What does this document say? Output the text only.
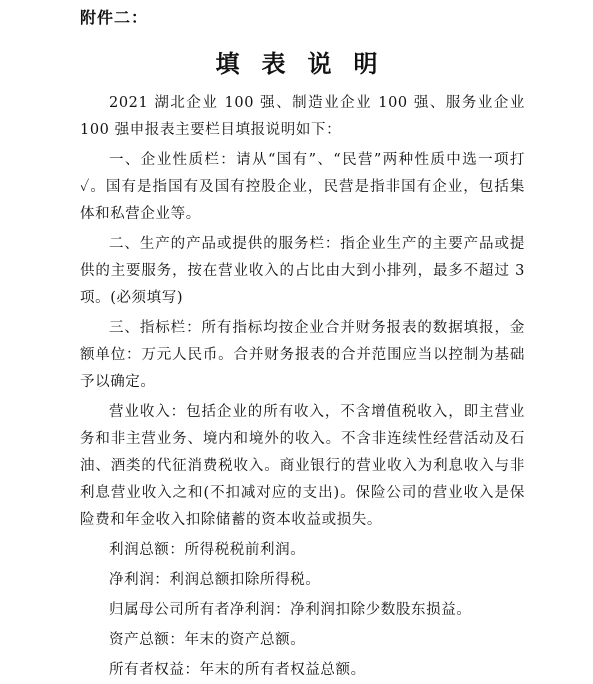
附件二：
填表说明

2021 湖北企业 100 强、制造业企业 100 强、服务业企业 100 强申报表主要栏目填报说明如下：

一、企业性质栏：请从“国有”、“民营”两种性质中选一项打✓。国有是指国有及国有控股企业，民营是指非国有企业，包括集体和私营企业等。

二、生产的产品或提供的服务栏：指企业生产的主要产品或提供的主要服务，按在营业收入的占比由大到小排列，最多不超过 3 项。(必须填写)

三、指标栏：所有指标均按企业合并财务报表的数据填报，金额单位：万元人民币。合并财务报表的合并范围应当以控制为基础予以确定。

营业收入：包括企业的所有收入，不含增值税收入，即主营业务和非主营业务、境内和境外的收入。不含非连续性经营活动及石油、酒类的代征消费税收入。商业银行的营业收入为利息收入与非利息营业收入之和(不扣减对应的支出)。保险公司的营业收入是保险费和年金收入扣除储蓄的资本收益或损失。

利润总额：所得税税前利润。

净利润：利润总额扣除所得税。

归属母公司所有者净利润：净利润扣除少数股东损益。

资产总额：年末的资产总额。

所有者权益：年末的所有者权益总额。
